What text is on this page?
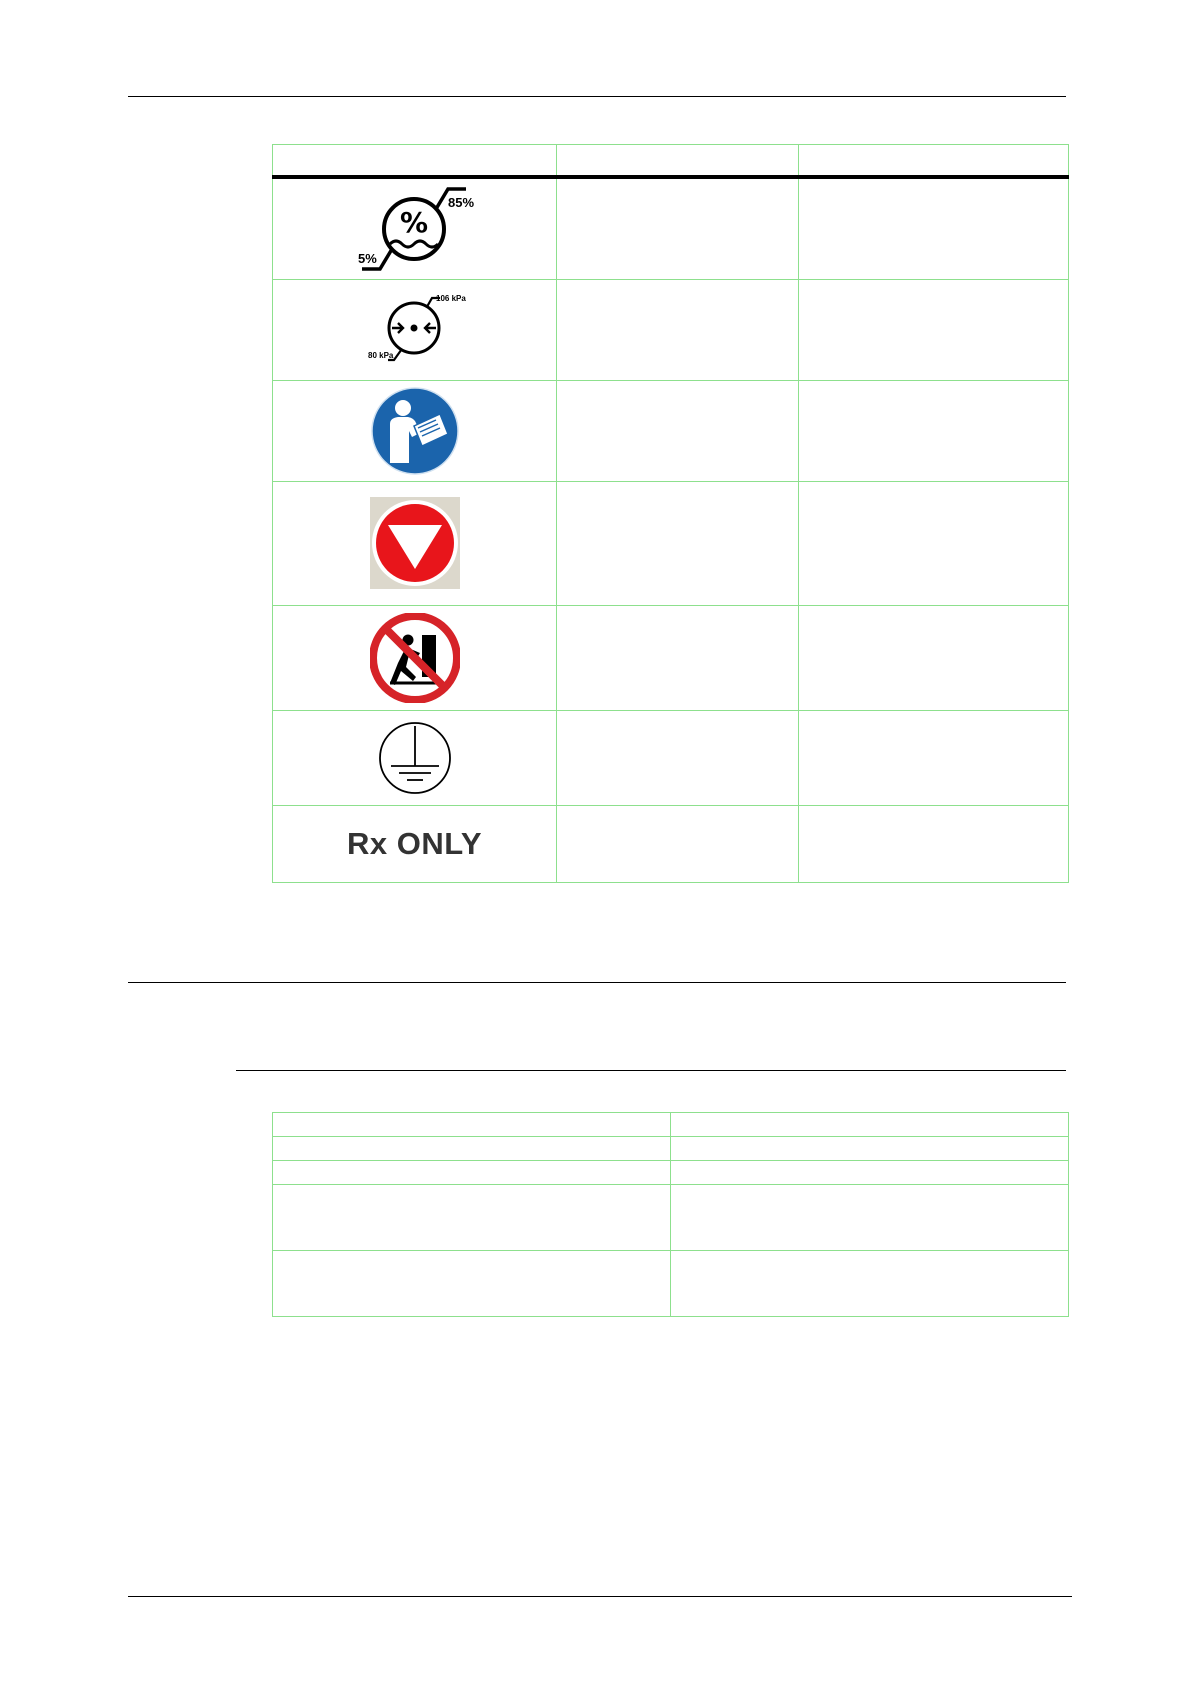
%
85%
5%		

106 kPa
80 kPa		

Rx ONLY		
